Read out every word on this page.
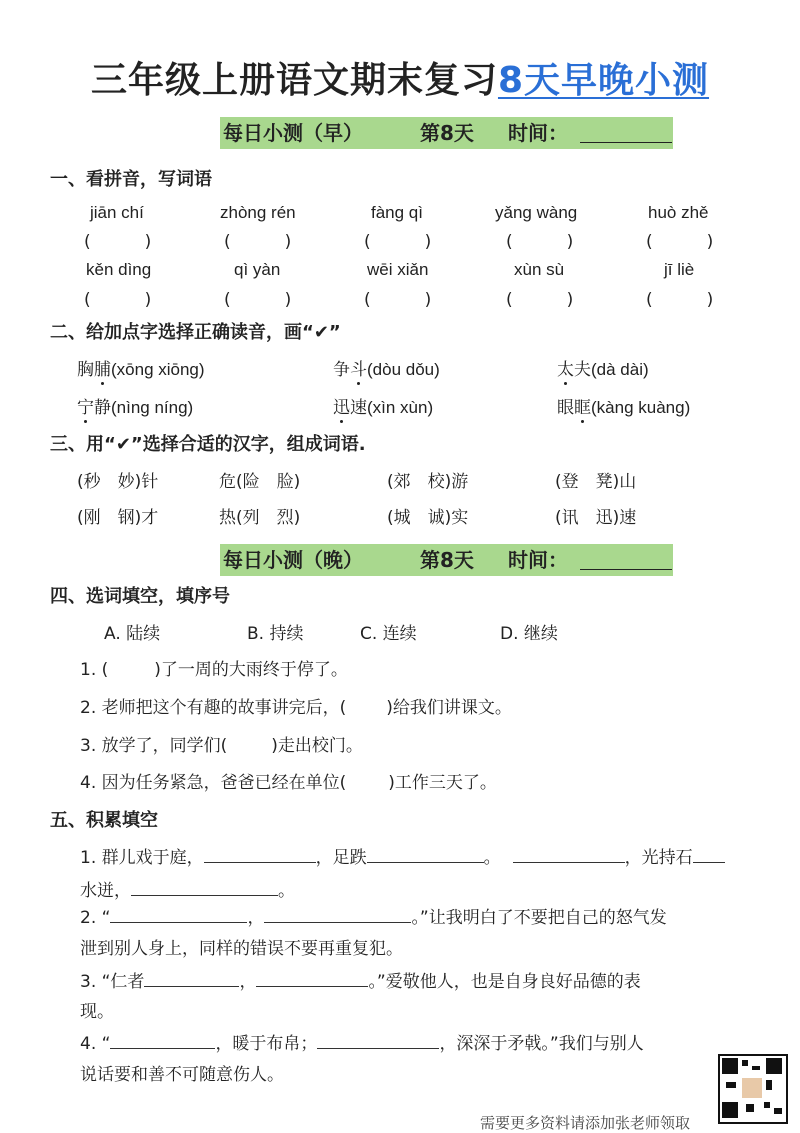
三年级上册语文期末复习8天早晚小测
每日小测（早）	第8天 时间：
一、看拼音，写词语
jiān chí	zhòng rén	fàng qì	yǎng wàng	huò zhě
(	)	(	)	(	)	(	)	(	)
kěn dìng	qì yàn	wēi xiǎn	xùn sù	jī liè
(	)	(	)	(	)	(	)	(	)
二、给加点字选择正确读音，画“✔”
胸脯(xōng xiōng)	争斗(dòu dǒu)	太夫(dà dài)
宁静(nìng níng)	迅速(xìn xùn)	眼眶(kàng kuàng)
三、用“✔”选择合适的汉字，组成词语.
(秒　妙)针	危(险　脸)	(郊　校)游	(登　凳)山
(刚　钢)才	热(列　烈)	(城　诚)实	(讯　迅)速
每日小测（晚）	第8天 时间：
四、选词填空，填序号
A. 陆续	B. 持续	C. 连续	D. 继续
1. (	)了一周的大雨终于停了。
2. 老师把这个有趣的故事讲完后，( )给我们讲课文。
3. 放学了，同学们(	)走出校门。
4. 因为任务紧急，爸爸已经在单位( )工作三天了。
五、积累填空
1. 群儿戏于庭，	，足跌	。	，光持石
水迸，	。
2. “	，	。”让我明白了不要把自己的怒气发
泄到别人身上，同样的错误不要再重复犯。
3. “仁者	，	。”爱敬他人，也是自身良好品德的表
现。
4. “	，暖于布帛；	，深深于矛戟。”我们与别人
说话要和善不可随意伤人。
需要更多资料请添加张老师领取
